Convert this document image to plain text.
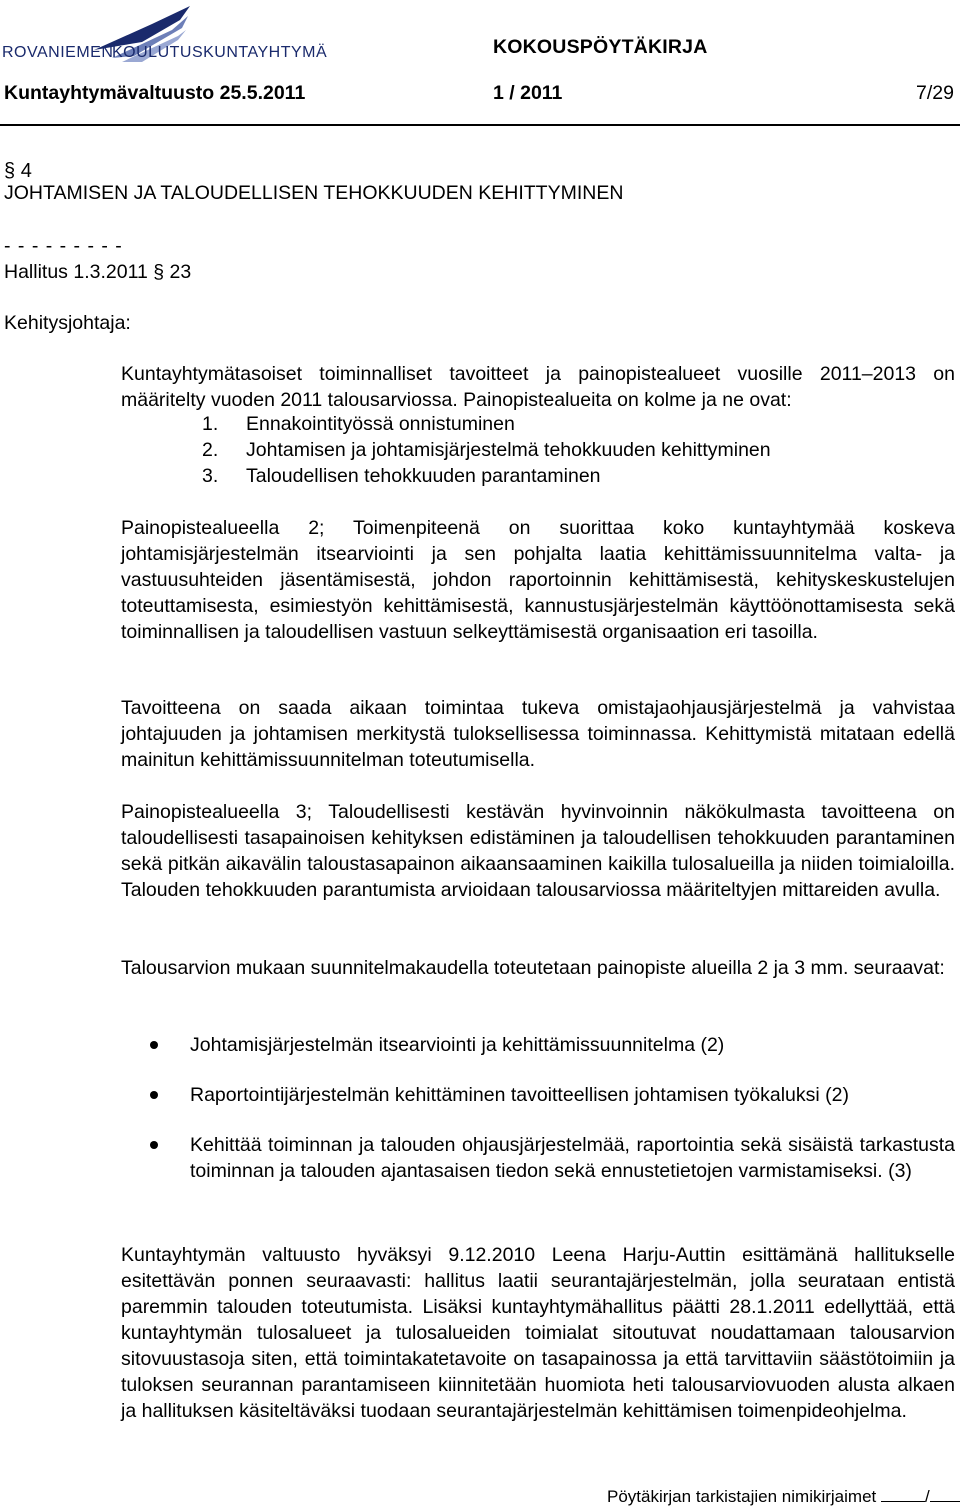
ROVANIEMEN
KOULUTUSKUNTAYHTYMÄ	KOKOUSPÖYTÄKIRJA
Kuntayhtymävaltuusto 25.5.2011	1 / 2011	7/29
§ 4
JOHTAMISEN JA TALOUDELLISEN TEHOKKUUDEN KEHITTYMINEN
- - - - - - - - -
Hallitus 1.3.2011 § 23
Kehitysjohtaja:
Kuntayhtymätasoiset toiminnalliset tavoitteet ja painopistealueet vuosille 2011–2013 on määritelty vuoden 2011 talousarviossa. Painopistealueita on kolme ja ne ovat:
1. Ennakointityössä onnistuminen
2. Johtamisen ja johtamisjärjestelmä tehokkuuden kehittyminen
3. Taloudellisen tehokkuuden parantaminen
Painopistealueella 2; Toimenpiteenä on suorittaa koko kuntayhtymää koskeva johtamisjärjestelmän itsearviointi ja sen pohjalta laatia kehittämissuunnitelma valta- ja vastuusuhteiden jäsentämisestä, johdon raportoinnin kehittämisestä, kehityskeskustelujen toteuttamisesta, esimiestyön kehittämisestä, kannustusjärjestelmän käyttöönottamisesta sekä toiminnallisen ja taloudellisen vastuun selkeyttämisestä organisaation eri tasoilla.
Tavoitteena on saada aikaan toimintaa tukeva omistajaohjausjärjestelmä ja vahvistaa johtajuuden ja johtamisen merkitystä tuloksellisessa toiminnassa. Kehittymistä mitataan edellä mainitun kehittämissuunnitelman toteutumisella.
Painopistealueella 3; Taloudellisesti kestävän hyvinvoinnin näkökulmasta tavoitteena on taloudellisesti tasapainoisen kehityksen edistäminen ja taloudellisen tehokkuuden parantaminen sekä pitkän aikavälin taloustasapainon aikaansaaminen kaikilla tulosalueilla ja niiden toimialoilla. Talouden tehokkuuden parantumista arvioidaan talousarviossa määriteltyjen mittareiden avulla.
Talousarvion mukaan suunnitelmakaudella toteutetaan painopiste alueilla 2 ja 3 mm. seuraavat:
Johtamisjärjestelmän itsearviointi ja kehittämissuunnitelma (2)
Raportointijärjestelmän kehittäminen tavoitteellisen johtamisen työkaluksi (2)
Kehittää toiminnan ja talouden ohjausjärjestelmää, raportointia sekä sisäistä tarkastusta toiminnan ja talouden ajantasaisen tiedon sekä ennustetietojen varmistamiseksi. (3)
Kuntayhtymän valtuusto hyväksyi 9.12.2010 Leena Harju-Auttin esittämänä hallitukselle esitettävän ponnen seuraavasti: hallitus laatii seurantajärjestelmän, jolla seurataan entistä paremmin talouden toteutumista. Lisäksi kuntayhtymähallitus päätti 28.1.2011 edellyttää, että kuntayhtymän tulosalueet ja tulosalueiden toimialat sitoutuvat noudattamaan talousarvion sitovuustasoja siten, että toimintakatetavoite on tasapainossa ja että tarvittaviin säästötoimiin ja tuloksen seurannan parantamiseen kiinnitetään huomiota heti talousarviovuoden alusta alkaen ja hallituksen käsiteltäväksi tuodaan seurantajärjestelmän kehittämisen toimenpideohjelma.
Pöytäkirjan tarkistajien nimikirjaimet	/
